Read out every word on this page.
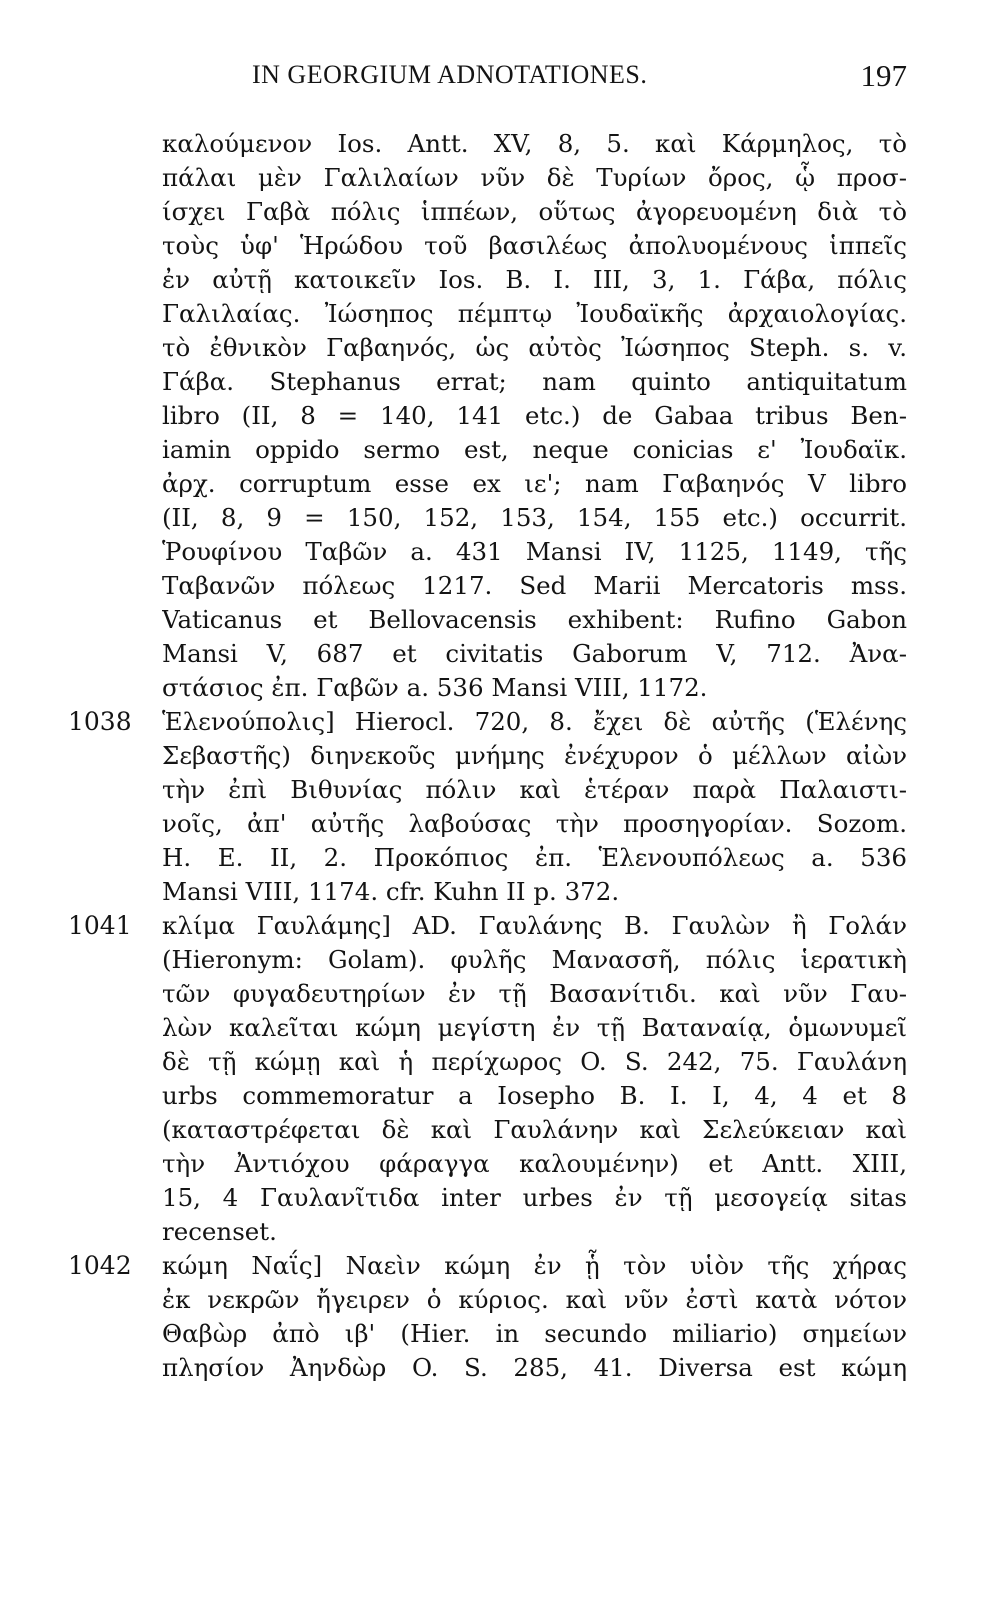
IN GEORGIUM ADNOTATIONES.	197
καλούμενον Ios. Antt. XV, 8, 5. καὶ Κάρμηλος, τὸ
πάλαι μὲν Γαλιλαίων νῦν δὲ Τυρίων ὄρος, ᾧ προσ-
ίσχει Γαβὰ πόλις ἱππέων, οὕτως ἀγορευομένη διὰ τὸ
τοὺς ὑφ' Ἡρώδου τοῦ βασιλέως ἀπολυομένους ἱππεῖς
ἐν αὐτῇ κατοικεῖν Ios. B. I. III, 3, 1. Γάβα, πόλις
Γαλιλαίας. Ἰώσηπος πέμπτῳ Ἰουδαϊκῆς ἀρχαιολογίας.
τὸ ἐθνικὸν Γαβαηνός, ὡς αὐτὸς Ἰώσηπος Steph. s. v.
Γάβα. Stephanus errat; nam quinto antiquitatum
libro (II, 8 = 140, 141 etc.) de Gabaa tribus Ben-
iamin oppido sermo est, neque conicias ε' Ἰουδαϊκ.
ἀρχ. corruptum esse ex ιε'; nam Γαβαηνός V libro
(II, 8, 9 = 150, 152, 153, 154, 155 etc.) occurrit.
Ῥουφίνου Ταβῶν a. 431 Mansi IV, 1125, 1149, τῆς
Ταβανῶν πόλεως 1217. Sed Marii Mercatoris mss.
Vaticanus et Bellovacensis exhibent: Rufino Gabon
Mansi V, 687 et civitatis Gaborum V, 712. Ἀνα-
στάσιος ἐπ. Γαβῶν a. 536 Mansi VIII, 1172.
1038 Ἑλενούπολις] Hierocl. 720, 8. ἔχει δὲ αὐτῆς (Ἑλένης
Σεβαστῆς) διηνεκοῦς μνήμης ἐνέχυρον ὁ μέλλων αἰὼν
τὴν ἐπὶ Βιθυνίας πόλιν καὶ ἑτέραν παρὰ Παλαιστι-
νοῖς, ἀπ' αὐτῆς λαβούσας τὴν προσηγορίαν. Sozom.
H. E. II, 2. Προκόπιος ἐπ. Ἑλενουπόλεως a. 536
Mansi VIII, 1174. cfr. Kuhn II p. 372.
1041 κλίμα Γαυλάμης] AD. Γαυλάνης B. Γαυλὼν ἢ Γολάν
(Hieronym: Golam). φυλῆς Μανασσῆ, πόλις ἱερατικὴ
τῶν φυγαδευτηρίων ἐν τῇ Βασανίτιδι. καὶ νῦν Γαυ-
λὼν καλεῖται κώμη μεγίστη ἐν τῇ Βαταναίᾳ, ὁμωνυμεῖ
δὲ τῇ κώμῃ καὶ ἡ περίχωρος O. S. 242, 75. Γαυλάνη
urbs commemoratur a Iosepho B. I. I, 4, 4 et 8
(καταστρέφεται δὲ καὶ Γαυλάνην καὶ Σελεύκειαν καὶ
τὴν Ἀντιόχου φάραγγα καλουμένην) et Antt. XIII,
15, 4 Γαυλανῖτιδα inter urbes ἐν τῇ μεσογείᾳ sitas
recenset.
1042 κώμη Ναΐς] Ναεὶν κώμη ἐν ᾗ τὸν υἱὸν τῆς χήρας
ἐκ νεκρῶν ἤγειρεν ὁ κύριος. καὶ νῦν ἐστὶ κατὰ νότον
Θαβὼρ ἀπὸ ιβ' (Hier. in secundo miliario) σημείων
πλησίον Ἀηνδὼρ O. S. 285, 41. Diversa est κώμη
